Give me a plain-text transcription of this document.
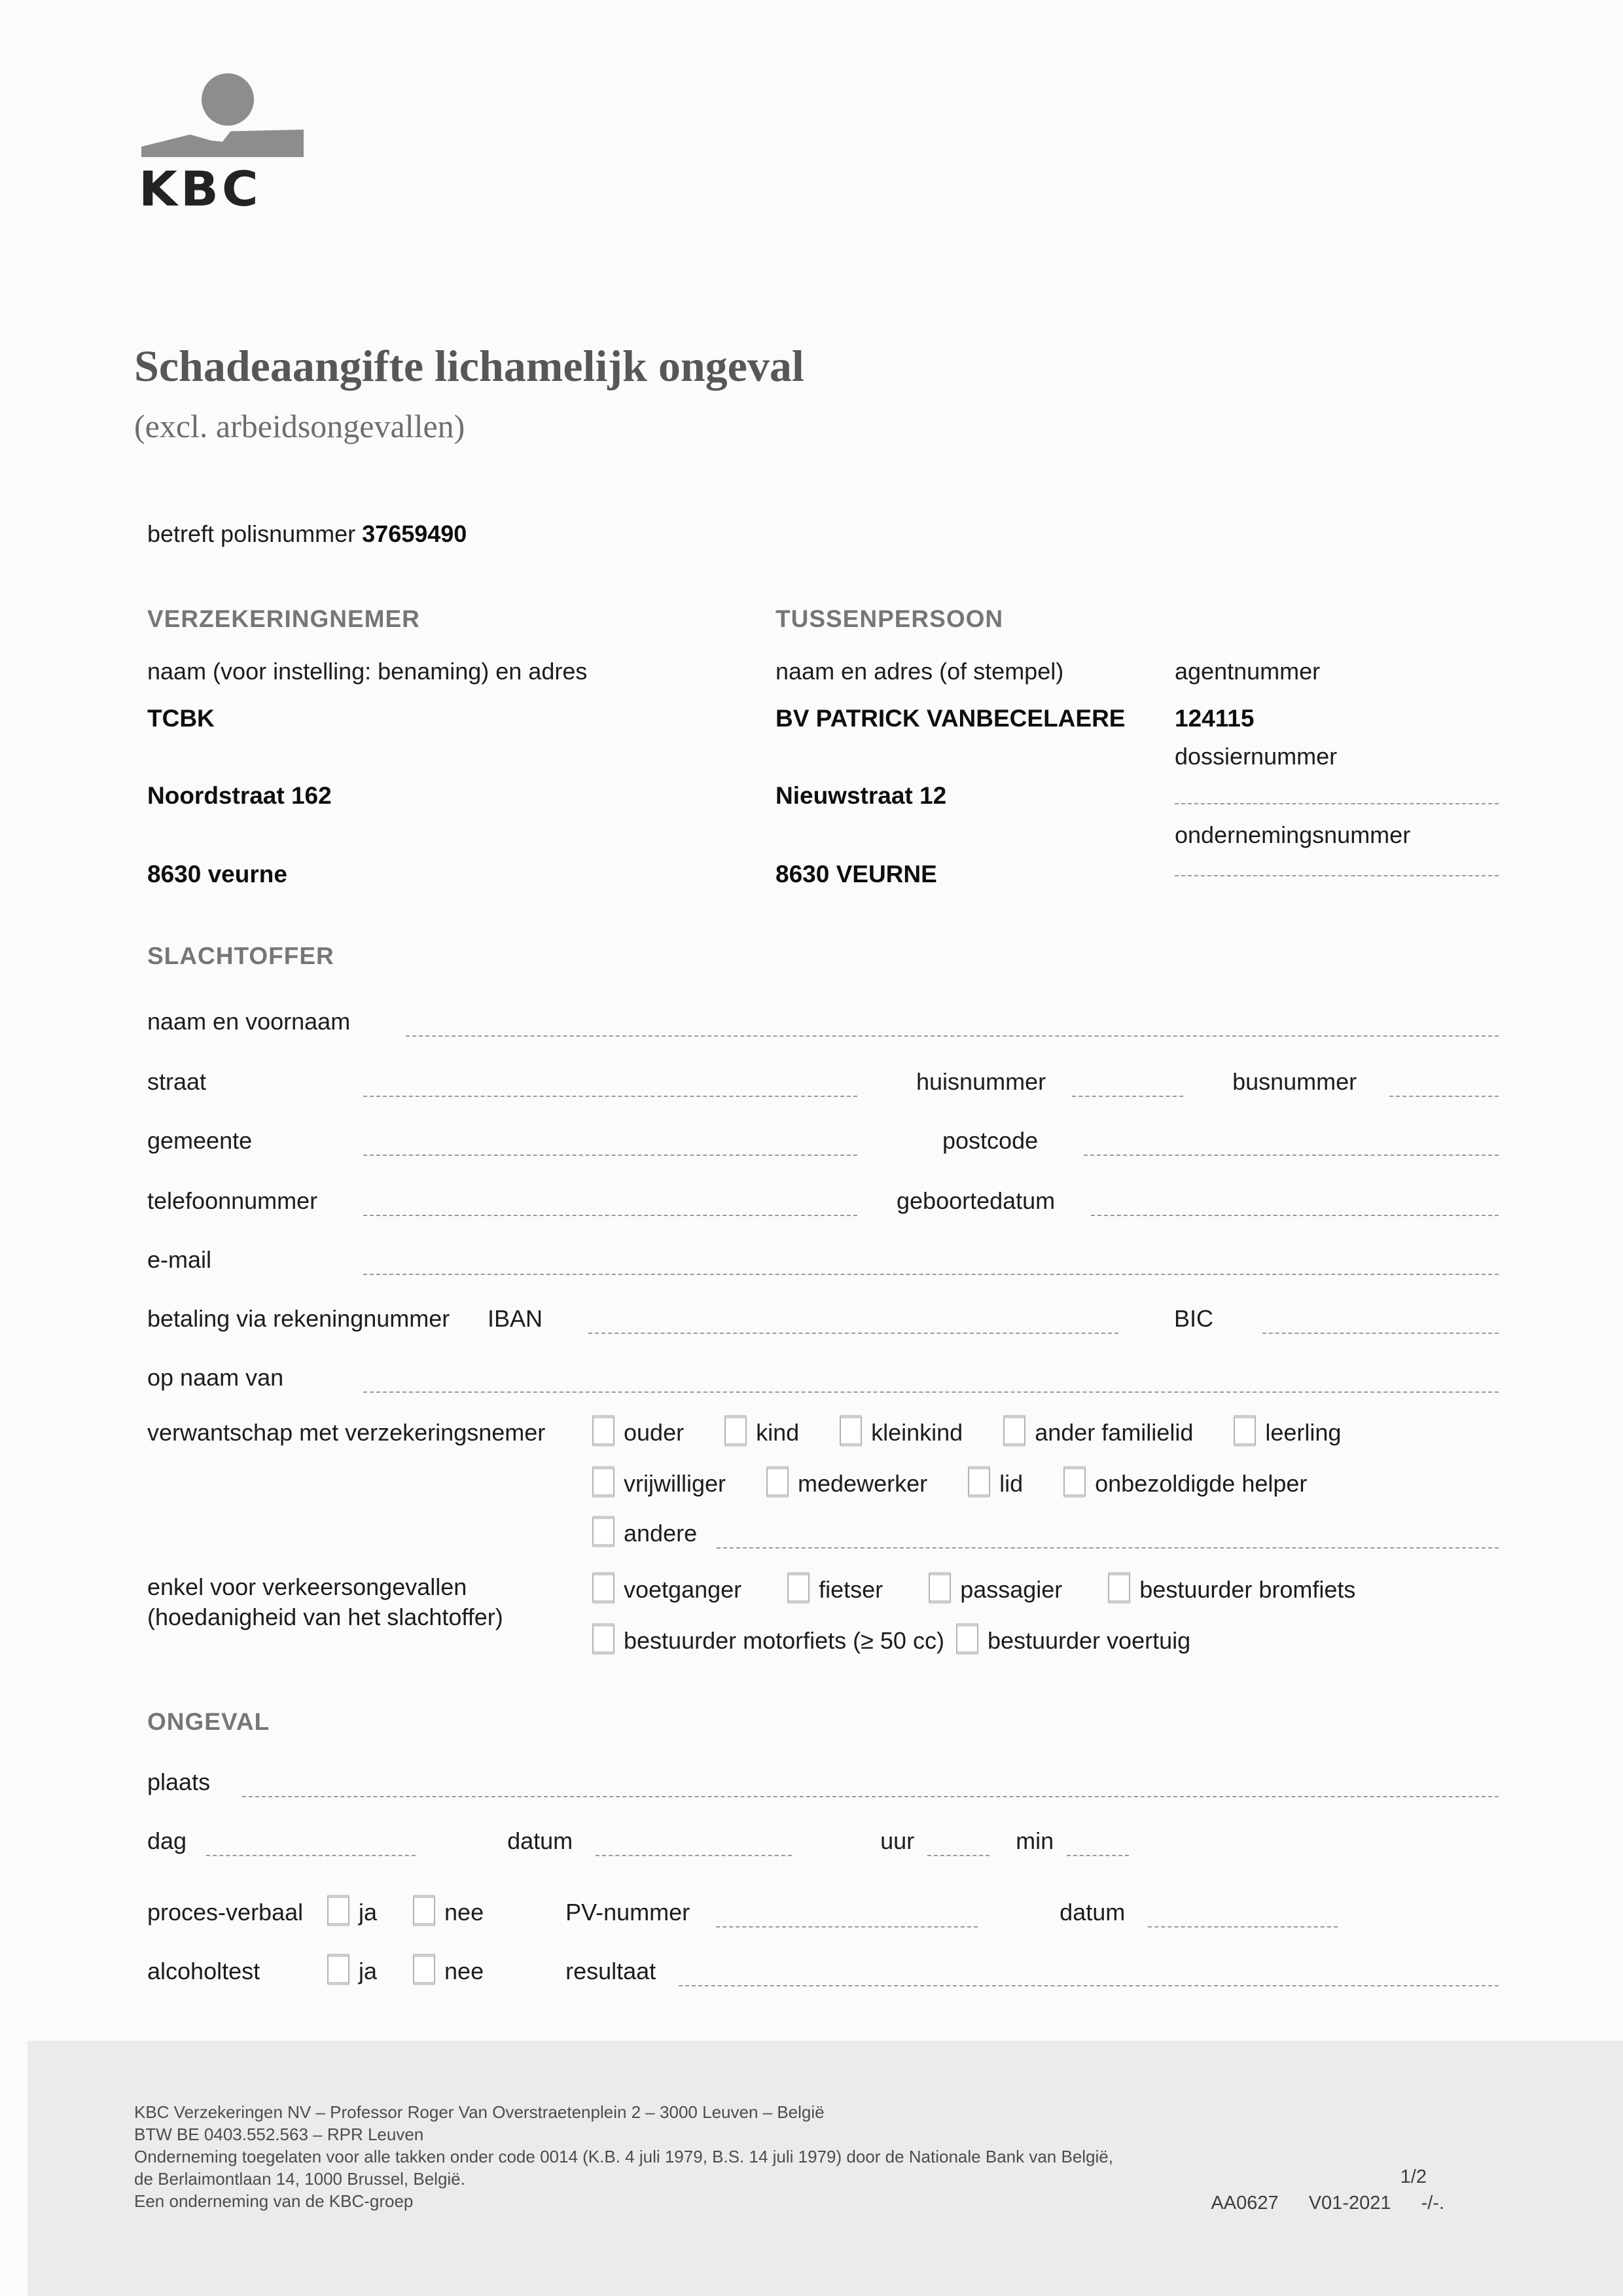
KBC
Schadeaangifte lichamelijk ongeval
(excl. arbeidsongevallen)
betreft polisnummer 37659490
VERZEKERINGNEMER
naam (voor instelling: benaming) en adres
TCBK
Noordstraat 162
8630 veurne
TUSSENPERSOON
naam en adres (of stempel)
BV PATRICK VANBECELAERE
Nieuwstraat 12
8630 VEURNE
agentnummer
124115
dossiernummer
ondernemingsnummer
SLACHTOFFER
naam en voornaam
straat	huisnummer	busnummer
gemeente	postcode
telefoonnummer	geboortedatum
e-mail
betaling via rekeningnummer	IBAN	BIC
op naam van
verwantschap met verzekeringsnemer	ouder	kind	kleinkind	ander familielid	leerling
vrijwilliger	medewerker	lid	onbezoldigde helper
andere
enkel voor verkeersongevallen
(hoedanigheid van het slachtoffer)
voetganger	fietser	passagier	bestuurder bromfiets
bestuurder motorfiets (≥ 50 cc) bestuurder voertuig
ONGEVAL
plaats
dag	datum	uur	min
proces-verbaal	ja	nee	PV-nummer	datum
alcoholtest	ja	nee	resultaat
KBC Verzekeringen NV – Professor Roger Van Overstraetenplein 2 – 3000 Leuven – België
BTW BE 0403.552.563 – RPR Leuven
Onderneming toegelaten voor alle takken onder code 0014 (K.B. 4 juli 1979, B.S. 14 juli 1979) door de Nationale Bank van België,
de Berlaimontlaan 14, 1000 Brussel, België.
Een onderneming van de KBC-groep
1/2
AA0627 V01-2021 -/-.
